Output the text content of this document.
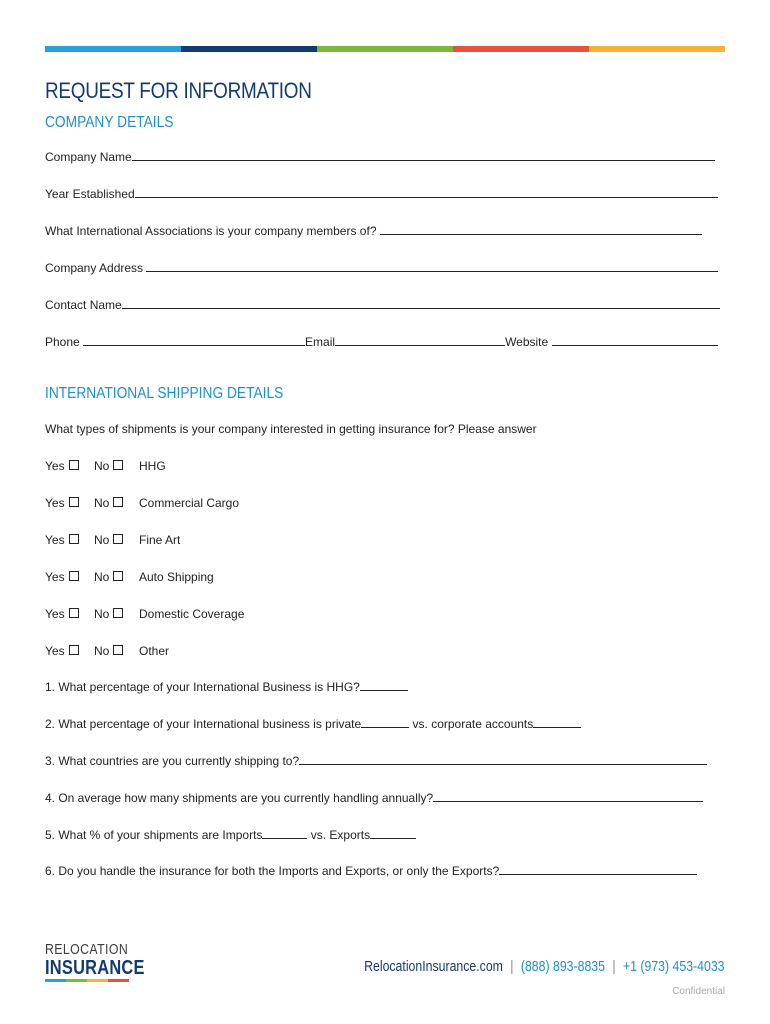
REQUEST FOR INFORMATION
COMPANY DETAILS
Company Name
Year Established
What International Associations is your company members of?
Company Address
Contact Name
Phone	Email	Website
INTERNATIONAL SHIPPING DETAILS
What types of shipments is your company interested in getting insurance for? Please answer
Yes	No	HHG
Yes	No	Commercial Cargo
Yes	No	Fine Art
Yes	No	Auto Shipping
Yes	No	Domestic Coverage
Yes	No	Other
1. What percentage of your International Business is HHG?
2. What percentage of your International business is private	vs. corporate accounts
3. What countries are you currently shipping to?
4. On average how many shipments are you currently handling annually?
5. What % of your shipments are Imports	vs. Exports
6. Do you handle the insurance for both the Imports and Exports, or only the Exports?
RELOCATION
INSURANCE	RelocationInsurance.com | (888) 893-8835 | +1 (973) 453-4033
Confidential
